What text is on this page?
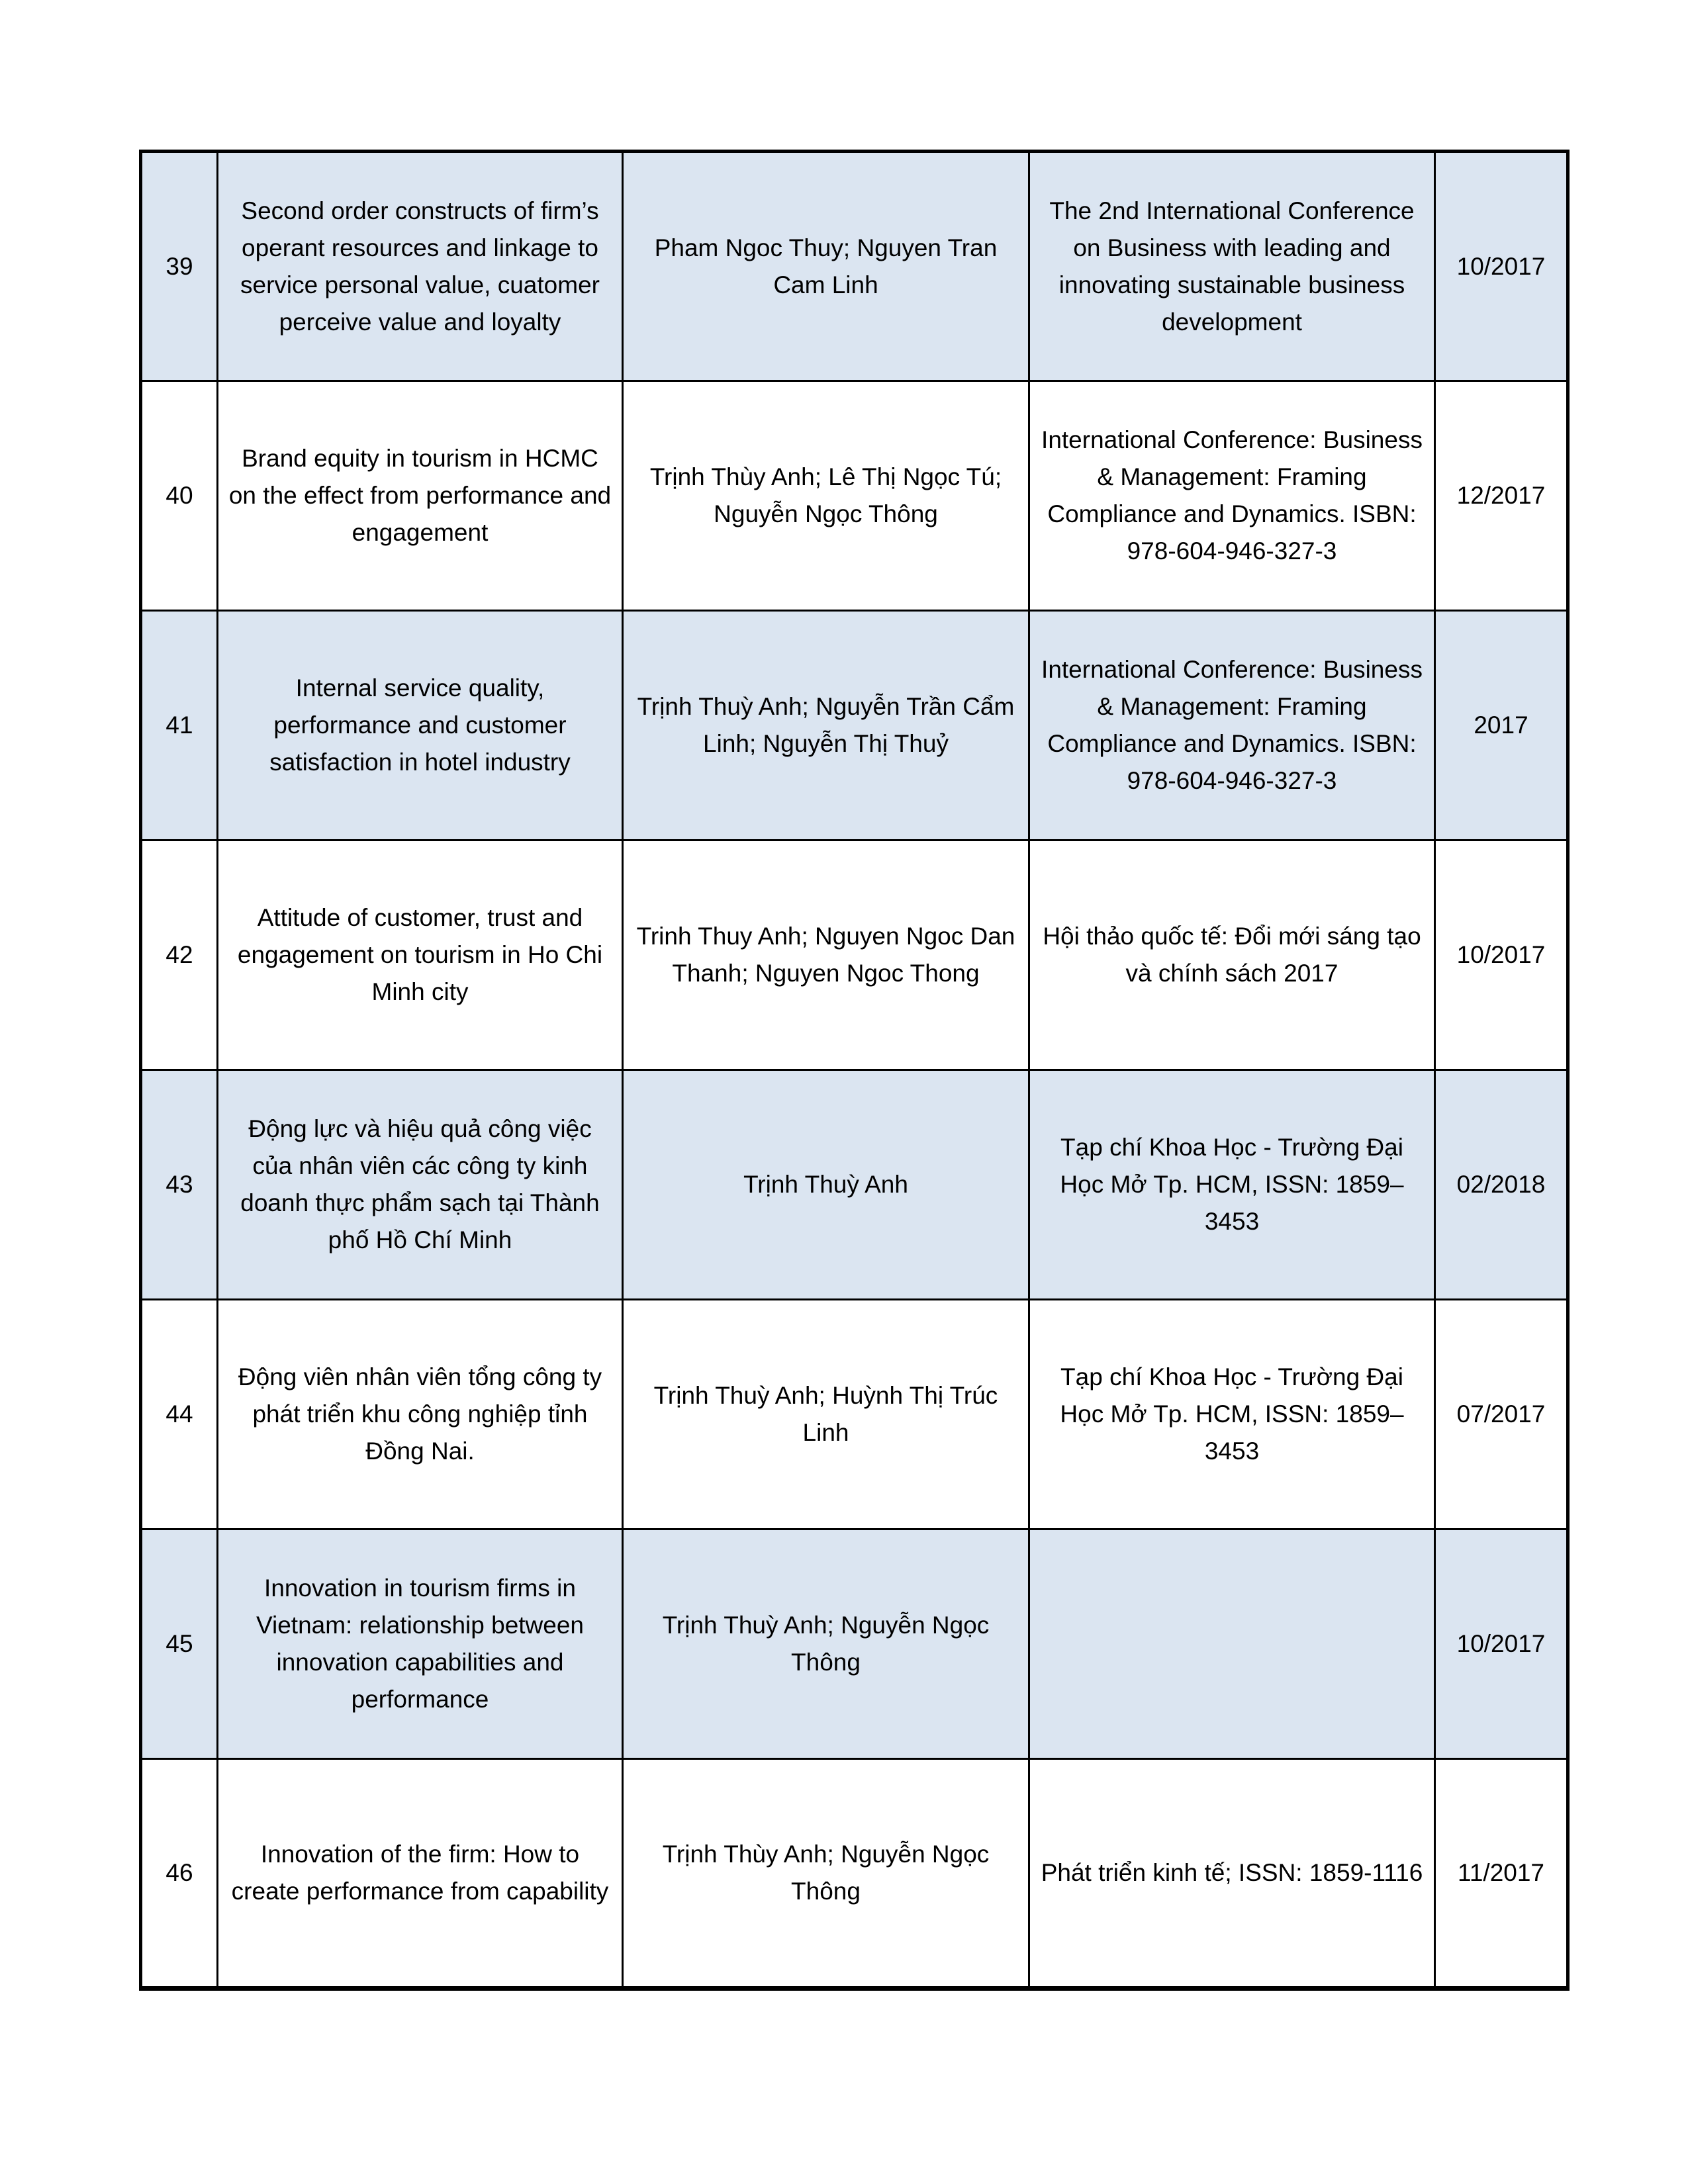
39	Second order constructs of firm’s operant resources and linkage to service personal value, cuatomer perceive value and loyalty	Pham Ngoc Thuy; Nguyen Tran Cam Linh	The 2nd International Conference on Business with leading and innovating sustainable business development	10/2017
40	Brand equity in tourism in HCMC on the effect from performance and engagement	Trịnh Thùy Anh; Lê Thị Ngọc Tú; Nguyễn Ngọc Thông	International Conference: Business & Management: Framing Compliance and Dynamics. ISBN: 978-604-946-327-3	12/2017
41	Internal service quality, performance and customer satisfaction in hotel industry	Trịnh Thuỳ Anh; Nguyễn Trần Cẩm Linh; Nguyễn Thị Thuỷ	International Conference: Business & Management: Framing Compliance and Dynamics. ISBN: 978-604-946-327-3	2017
42	Attitude of customer, trust and engagement on tourism in Ho Chi Minh city	Trinh Thuy Anh; Nguyen Ngoc Dan Thanh; Nguyen Ngoc Thong	Hội thảo quốc tế: Đổi mới sáng tạo và chính sách 2017	10/2017
43	Động lực và hiệu quả công việc của nhân viên các công ty kinh doanh thực phẩm sạch tại Thành phố Hồ Chí Minh	Trịnh Thuỳ Anh	Tạp chí Khoa Học - Trường Đại Học Mở Tp. HCM, ISSN: 1859–3453	02/2018
44	Động viên nhân viên tổng công ty phát triển khu công nghiệp tỉnh Đồng Nai.	Trịnh Thuỳ Anh; Huỳnh Thị Trúc Linh	Tạp chí Khoa Học - Trường Đại Học Mở Tp. HCM, ISSN: 1859–3453	07/2017
45	Innovation in tourism firms in Vietnam: relationship between innovation capabilities and performance	Trịnh Thuỳ Anh; Nguyễn Ngọc Thông		10/2017
46	Innovation of the firm: How to create performance from capability	Trịnh Thùy Anh; Nguyễn Ngọc Thông	Phát triển kinh tế; ISSN: 1859-1116	11/2017
